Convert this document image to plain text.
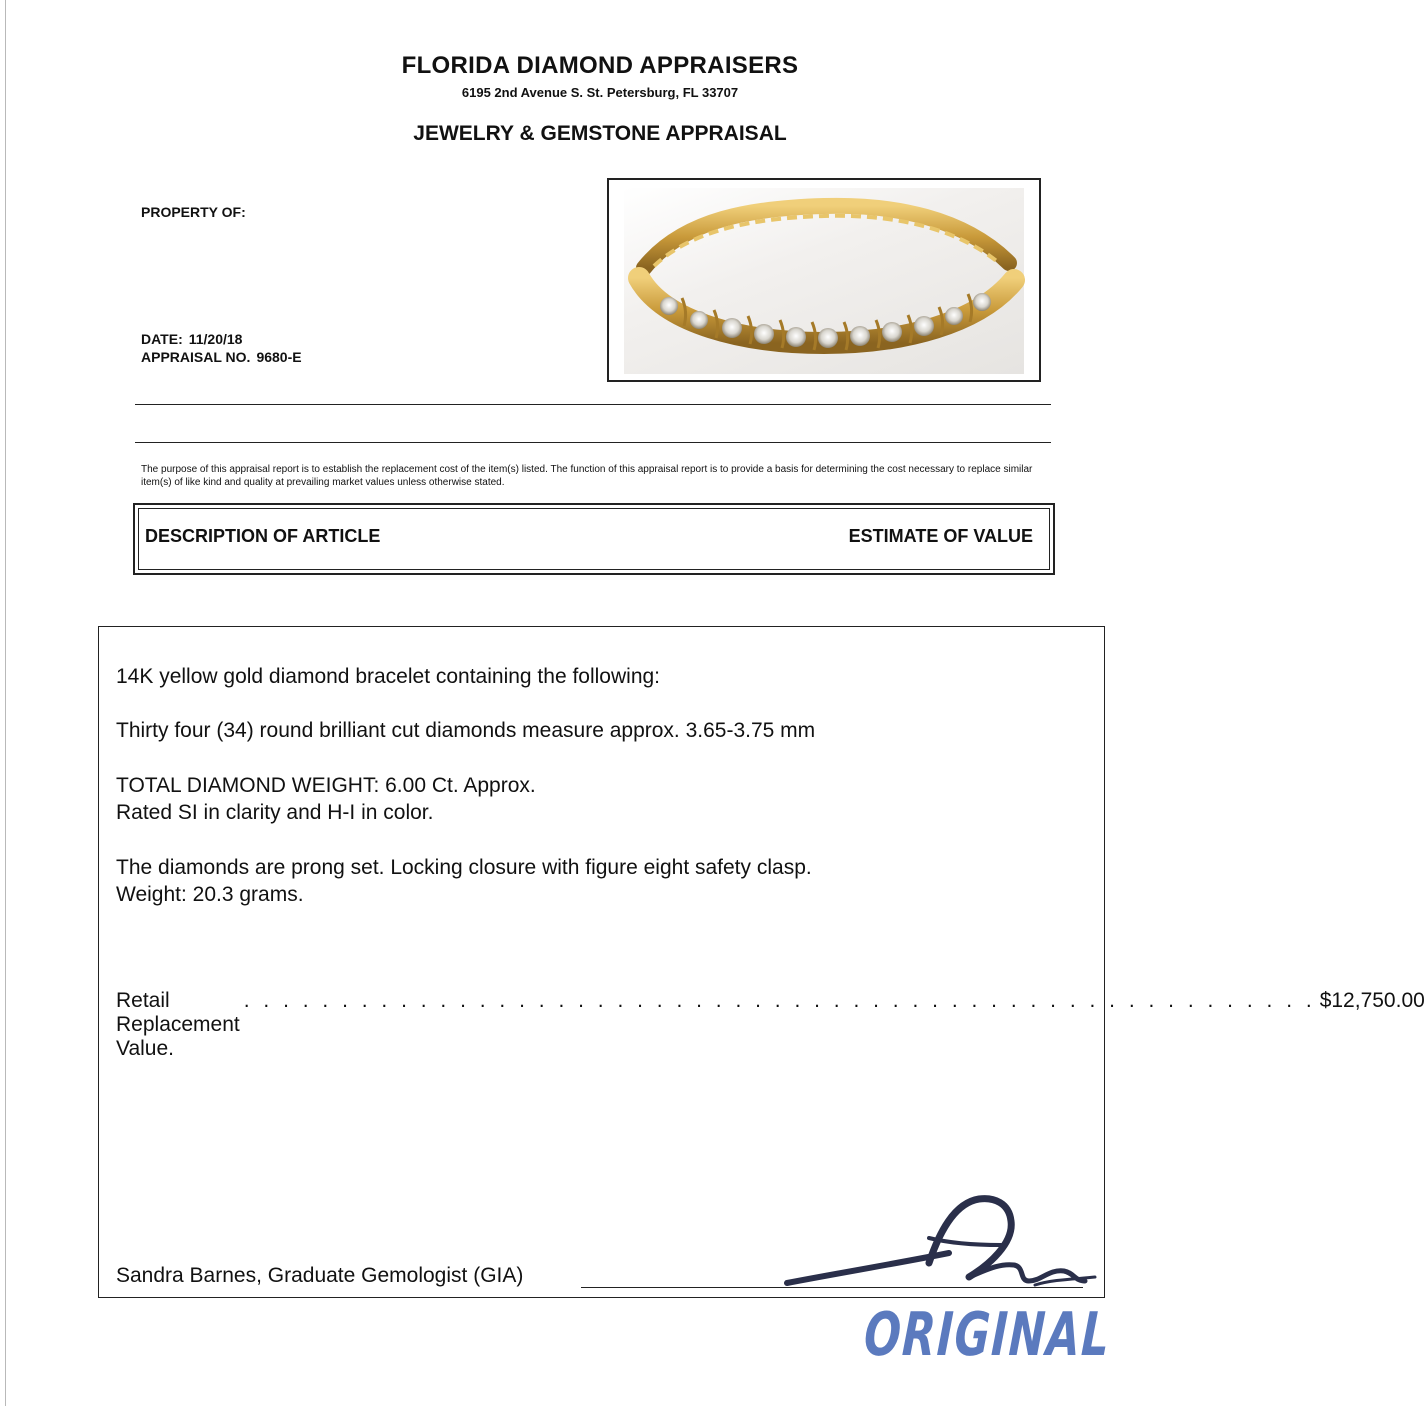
FLORIDA DIAMOND APPRAISERS
6195 2nd Avenue S. St. Petersburg, FL 33707
JEWELRY & GEMSTONE APPRAISAL
PROPERTY OF:
DATE: 11/20/18
APPRAISAL NO. 9680-E
The purpose of this appraisal report is to establish the replacement cost of the item(s) listed. The function of this appraisal report is to provide a basis for determining the cost necessary to replace similar item(s) of like kind and quality at prevailing market values unless otherwise stated.
DESCRIPTION OF ARTICLE	ESTIMATE OF VALUE
14K yellow gold diamond bracelet containing the following:
Thirty four (34) round brilliant cut diamonds measure approx. 3.65-3.75 mm
TOTAL DIAMOND WEIGHT: 6.00 Ct. Approx.
Rated SI in clarity and H-I in color.
The diamonds are prong set. Locking closure with figure eight safety clasp.
Weight: 20.3 grams.
Retail Replacement Value.
. . . . . . . . . . . . . . . . . . . . . . . . . . . . . . . . . . . . . . . . . . . . . . . . . . . . . . . $12,750.00
Sandra Barnes, Graduate Gemologist (GIA)
ORIGINAL
